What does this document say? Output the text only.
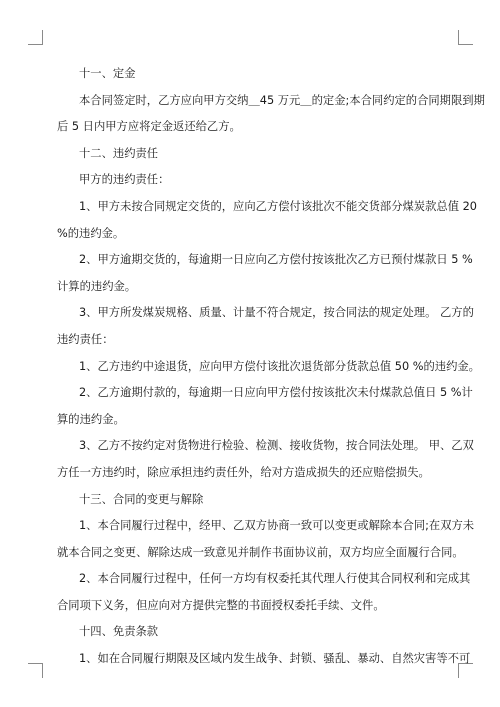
十一、定金

本合同签定时，乙方应向甲方交纳＿45 万元＿的定金;本合同约定的合同期限到期

后 5 日内甲方应将定金返还给乙方。

十二、违约责任

甲方的违约责任：

1、甲方未按合同规定交货的，应向乙方偿付该批次不能交货部分煤炭款总值 20

%的违约金。

2、甲方逾期交货的，每逾期一日应向乙方偿付按该批次乙方已预付煤款日 5 %

计算的违约金。

3、甲方所发煤炭规格、质量、计量不符合规定，按合同法的规定处理。 乙方的

违约责任：

1、乙方违约中途退货，应向甲方偿付该批次退货部分货款总值 50 %的违约金。

2、乙方逾期付款的，每逾期一日应向甲方偿付按该批次未付煤款总值日 5 %计

算的违约金。

3、乙方不按约定对货物进行检验、检测、接收货物，按合同法处理。 甲、乙双

方任一方违约时，除应承担违约责任外，给对方造成损失的还应赔偿损失。

十三、合同的变更与解除

1、本合同履行过程中，经甲、乙双方协商一致可以变更或解除本合同;在双方未

就本合同之变更、解除达成一致意见并制作书面协议前，双方均应全面履行合同。

2、本合同履行过程中，任何一方均有权委托其代理人行使其合同权利和完成其

合同项下义务，但应向对方提供完整的书面授权委托手续、文件。

十四、免责条款

1、如在合同履行期限及区域内发生战争、封锁、骚乱、暴动、自然灾害等不可
